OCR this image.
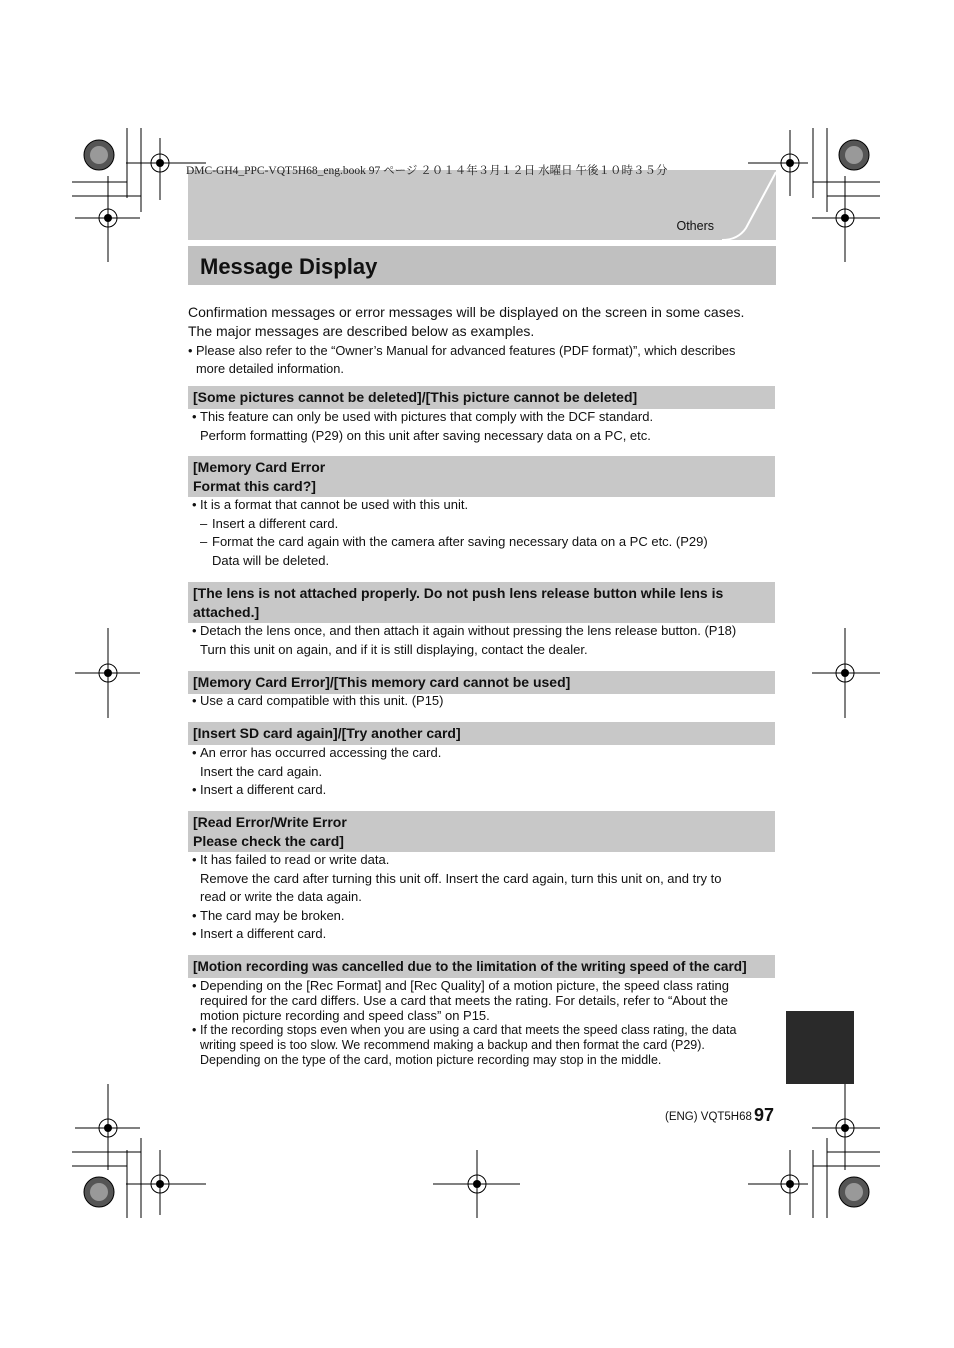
DMC-GH4_PPC-VQT5H68_eng.book 97 ページ ２０１４年３月１２日 水曜日 午後１０時３５分
Others
Message Display
Confirmation messages or error messages will be displayed on the screen in some cases.
The major messages are described below as examples.
• Please also refer to the “Owner’s Manual for advanced features (PDF format)”, which describes
more detailed information.
[Some pictures cannot be deleted]/[This picture cannot be deleted]
• This feature can only be used with pictures that comply with the DCF standard.
Perform formatting (P29) on this unit after saving necessary data on a PC, etc.
[Memory Card Error
Format this card?]
• It is a format that cannot be used with this unit.
– Insert a different card.
– Format the card again with the camera after saving necessary data on a PC etc. (P29)
Data will be deleted.
[The lens is not attached properly. Do not push lens release button while lens is
attached.]
• Detach the lens once, and then attach it again without pressing the lens release button. (P18)
Turn this unit on again, and if it is still displaying, contact the dealer.
[Memory Card Error]/[This memory card cannot be used]
• Use a card compatible with this unit. (P15)
[Insert SD card again]/[Try another card]
• An error has occurred accessing the card.
Insert the card again.
• Insert a different card.
[Read Error/Write Error
Please check the card]
• It has failed to read or write data.
Remove the card after turning this unit off. Insert the card again, turn this unit on, and try to
read or write the data again.
• The card may be broken.
• Insert a different card.
[Motion recording was cancelled due to the limitation of the writing speed of the card]
• Depending on the [Rec Format] and [Rec Quality] of a motion picture, the speed class rating
required for the card differs. Use a card that meets the rating. For details, refer to “About the
motion picture recording and speed class” on P15.
• If the recording stops even when you are using a card that meets the speed class rating, the data
writing speed is too slow. We recommend making a backup and then format the card (P29).
Depending on the type of the card, motion picture recording may stop in the middle.
(ENG) VQT5H68 97
